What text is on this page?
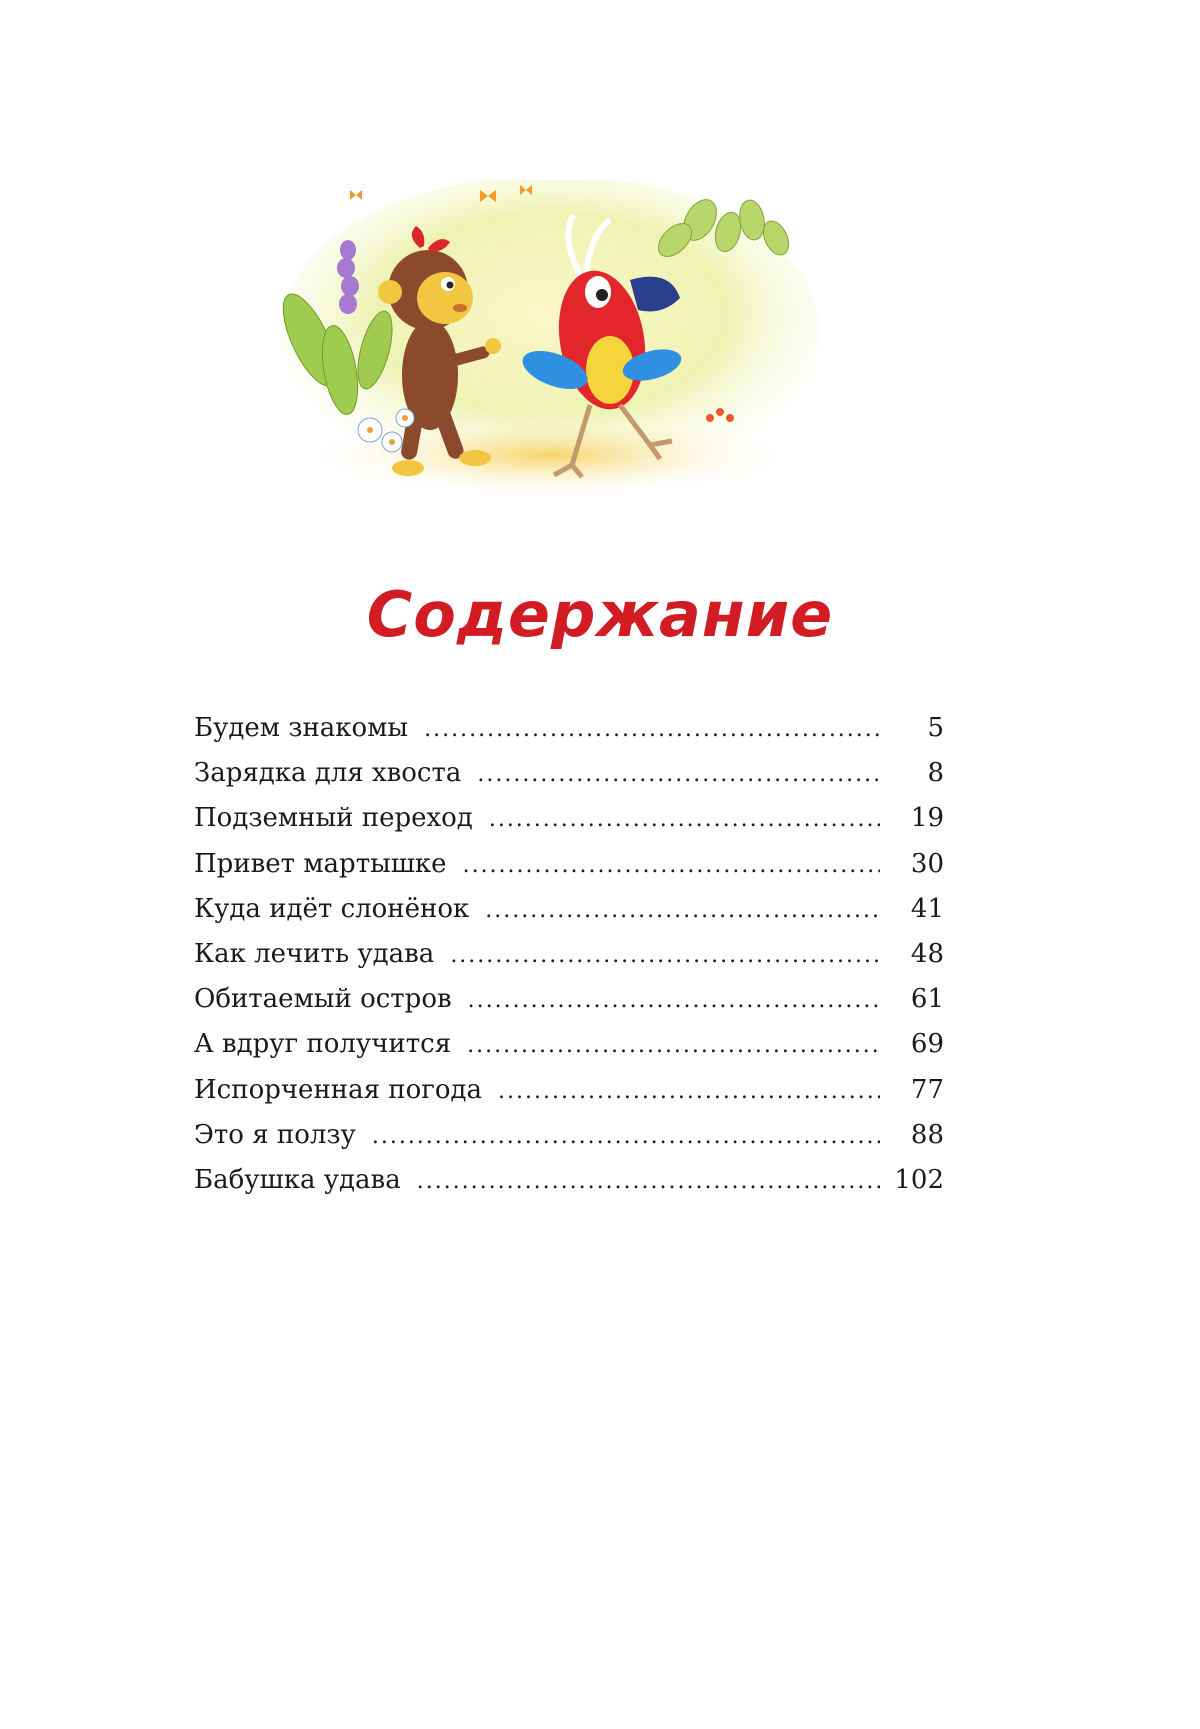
Содержание
Будем знакомы .....	5
Зарядка для хвоста .....	8
Подземный переход .....	19
Привет мартышке .....	30
Куда идёт слонёнок .....	41
Как лечить удава .....	48
Обитаемый остров .....	61
А вдруг получится .....	69
Испорченная погода .....	77
Это я ползу .....	88
Бабушка удава .....	102
